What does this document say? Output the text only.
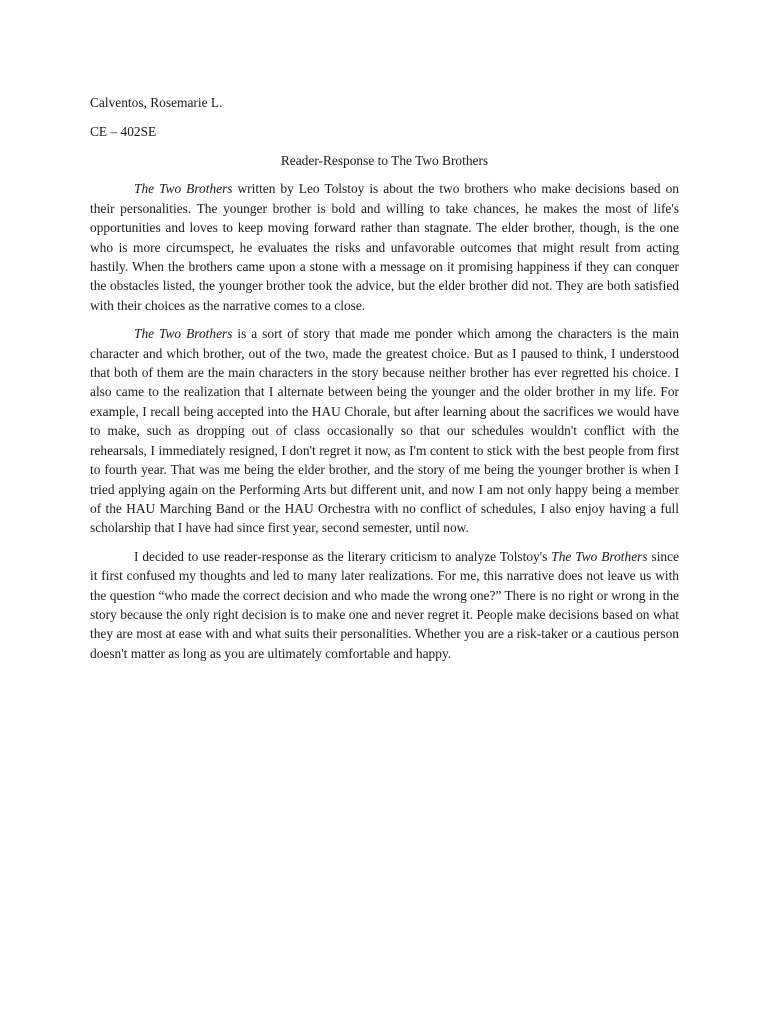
Calventos, Rosemarie L.

CE – 402SE

Reader-Response to The Two Brothers

The Two Brothers written by Leo Tolstoy is about the two brothers who make decisions based on their personalities. The younger brother is bold and willing to take chances, he makes the most of life's opportunities and loves to keep moving forward rather than stagnate. The elder brother, though, is the one who is more circumspect, he evaluates the risks and unfavorable outcomes that might result from acting hastily. When the brothers came upon a stone with a message on it promising happiness if they can conquer the obstacles listed, the younger brother took the advice, but the elder brother did not. They are both satisfied with their choices as the narrative comes to a close.

The Two Brothers is a sort of story that made me ponder which among the characters is the main character and which brother, out of the two, made the greatest choice. But as I paused to think, I understood that both of them are the main characters in the story because neither brother has ever regretted his choice. I also came to the realization that I alternate between being the younger and the older brother in my life. For example, I recall being accepted into the HAU Chorale, but after learning about the sacrifices we would have to make, such as dropping out of class occasionally so that our schedules wouldn't conflict with the rehearsals, I immediately resigned, I don't regret it now, as I'm content to stick with the best people from first to fourth year. That was me being the elder brother, and the story of me being the younger brother is when I tried applying again on the Performing Arts but different unit, and now I am not only happy being a member of the HAU Marching Band or the HAU Orchestra with no conflict of schedules, I also enjoy having a full scholarship that I have had since first year, second semester, until now.

I decided to use reader-response as the literary criticism to analyze Tolstoy's The Two Brothers since it first confused my thoughts and led to many later realizations. For me, this narrative does not leave us with the question “who made the correct decision and who made the wrong one?” There is no right or wrong in the story because the only right decision is to make one and never regret it. People make decisions based on what they are most at ease with and what suits their personalities. Whether you are a risk-taker or a cautious person doesn't matter as long as you are ultimately comfortable and happy.
